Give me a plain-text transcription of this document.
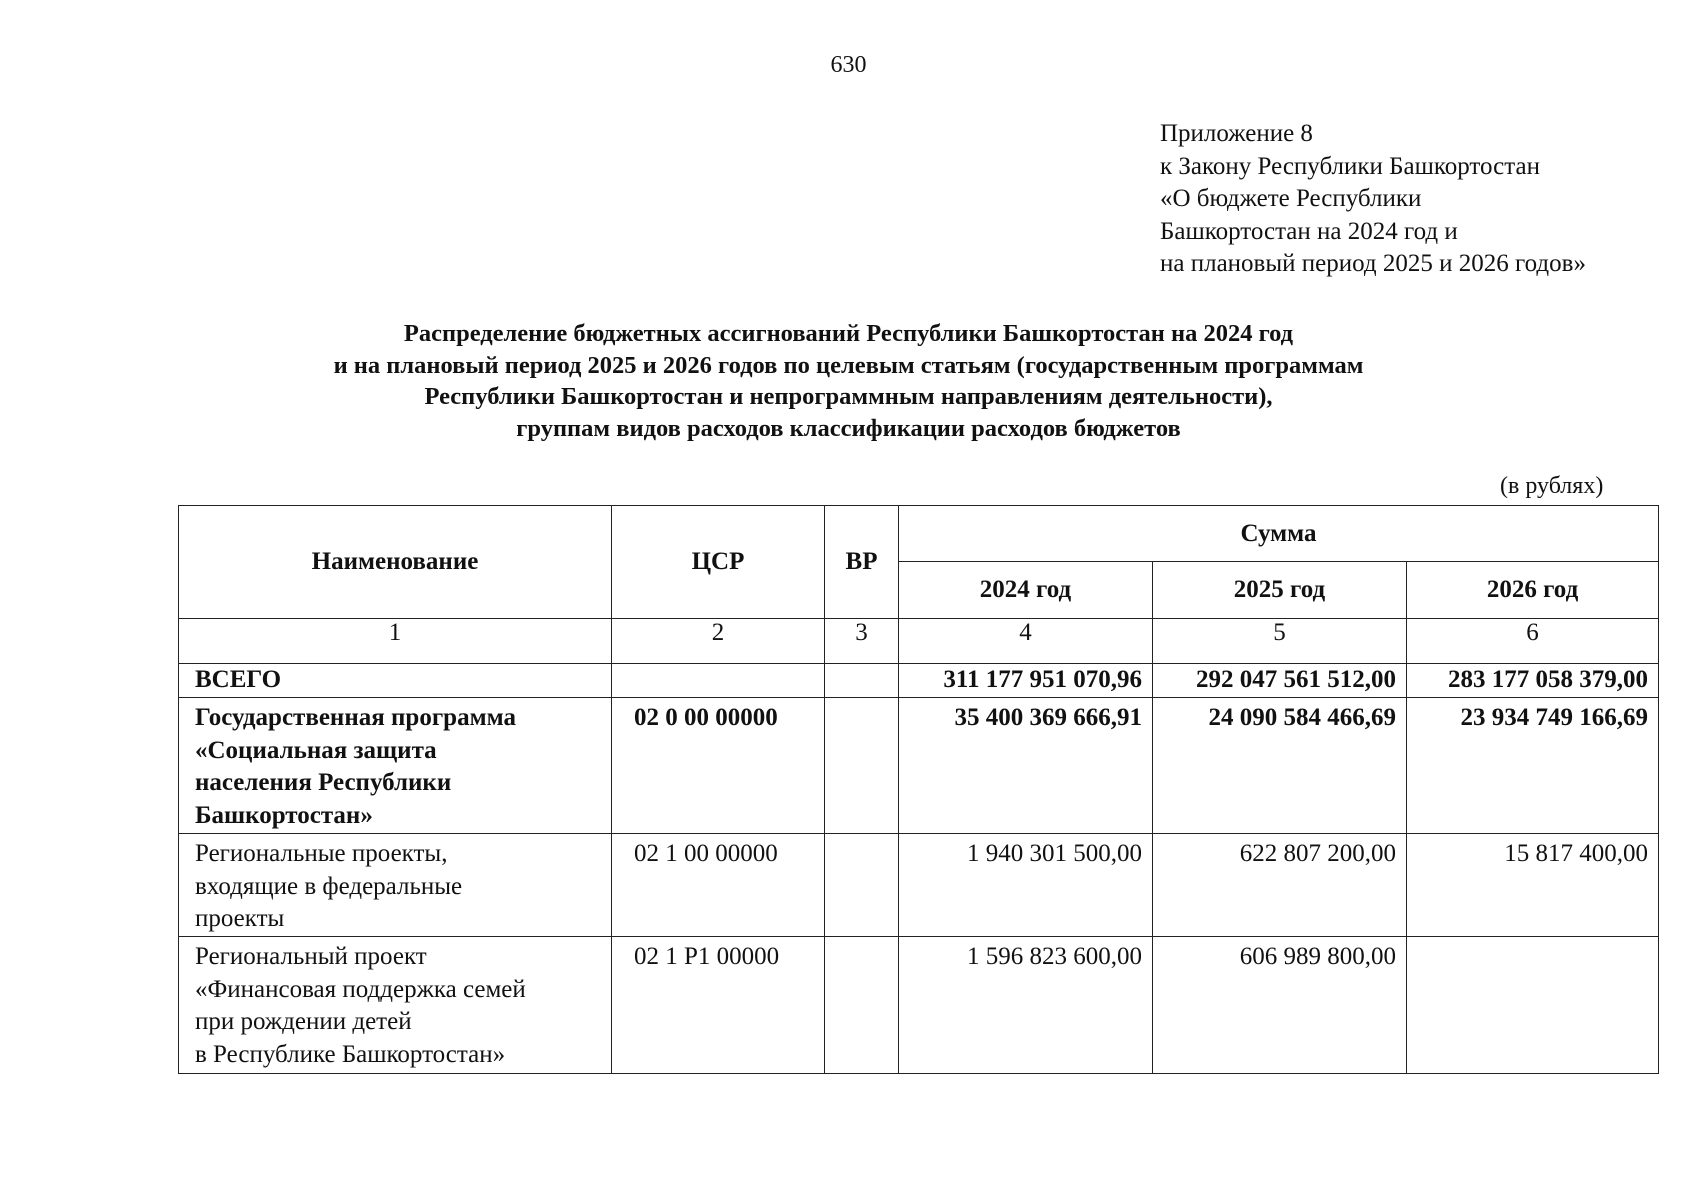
630
Приложение 8
к Закону Республики Башкортостан
«О бюджете Республики
Башкортостан на 2024 год и
на плановый период 2025 и 2026 годов»
Распределение бюджетных ассигнований Республики Башкортостан на 2024 год
и на плановый период 2025 и 2026 годов по целевым статьям (государственным программам
Республики Башкортостан и непрограммным направлениям деятельности),
группам видов расходов классификации расходов бюджетов
(в рублях)
Наименование	ЦСР	ВР	Сумма		
			2024 год	2025 год	2026 год
1	2	3	4	5	6

ВСЕГО			311 177 951 070,96	292 047 561 512,00	283 177 058 379,00

Государственная программа
«Социальная защита
населения Республики
Башкортостан»	02 0 00 00000		35 400 369 666,91	24 090 584 466,69	23 934 749 166,69

Региональные проекты,
входящие в федеральные
проекты	02 1 00 00000		1 940 301 500,00	622 807 200,00	15 817 400,00

Региональный проект
«Финансовая поддержка семей
при рождении детей
в Республике Башкортостан»	02 1 P1 00000		1 596 823 600,00	606 989 800,00	
